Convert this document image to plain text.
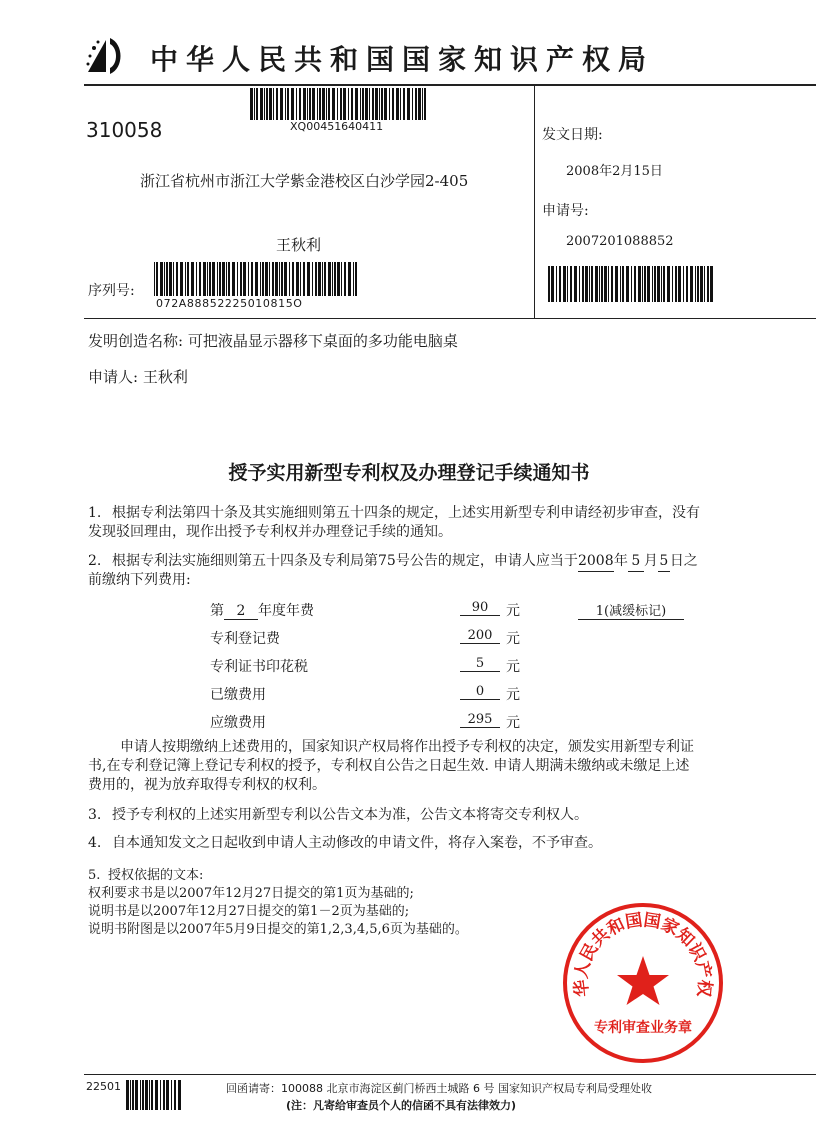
中华人民共和国国家知识产权局
310058	XQ00451640411
浙江省杭州市浙江大学紫金港校区白沙学园2-405
王秋利
序列号:
072A88852225010815O
发文日期:
2008年2月15日
申请号:
2007201088852
发明创造名称: 可把液晶显示器移下桌面的多功能电脑桌
申请人: 王秋利
授予实用新型专利权及办理登记手续通知书
1. 根据专利法第四十条及其实施细则第五十四条的规定，上述实用新型专利申请经初步审查，没有
发现驳回理由，现作出授予专利权并办理登记手续的通知。
2. 根据专利法实施细则第五十四条及专利局第75号公告的规定，申请人应当于2008年 5 月 5 日之
前缴纳下列费用:
第 2 年度年费	90	元	1(减缓标记)
专利登记费	200 元
专利证书印花税	5	元
已缴费用	0	元
应缴费用	295 元
申请人按期缴纳上述费用的，国家知识产权局将作出授予专利权的决定，颁发实用新型专利证
书,在专利登记簿上登记专利权的授予，专利权自公告之日起生效. 申请人期满未缴纳或未缴足上述
费用的，视为放弃取得专利权的权利。
3. 授予专利权的上述实用新型专利以公告文本为准，公告文本将寄交专利权人。
4. 自本通知发文之日起收到申请人主动修改的申请文件，将存入案卷，不予审查。
5. 授权依据的文本:
权利要求书是以2007年12月27日提交的第1页为基础的;
说明书是以2007年12月27日提交的第1－2页为基础的;
说明书附图是以2007年5月9日提交的第1,2,3,4,5,6页为基础的。
华人民共和国国家知识产权
专利审查业务章
22501	回函请寄：100088 北京市海淀区蓟门桥西土城路 6 号 国家知识产权局专利局受理处收
(注：凡寄给审查员个人的信函不具有法律效力)
